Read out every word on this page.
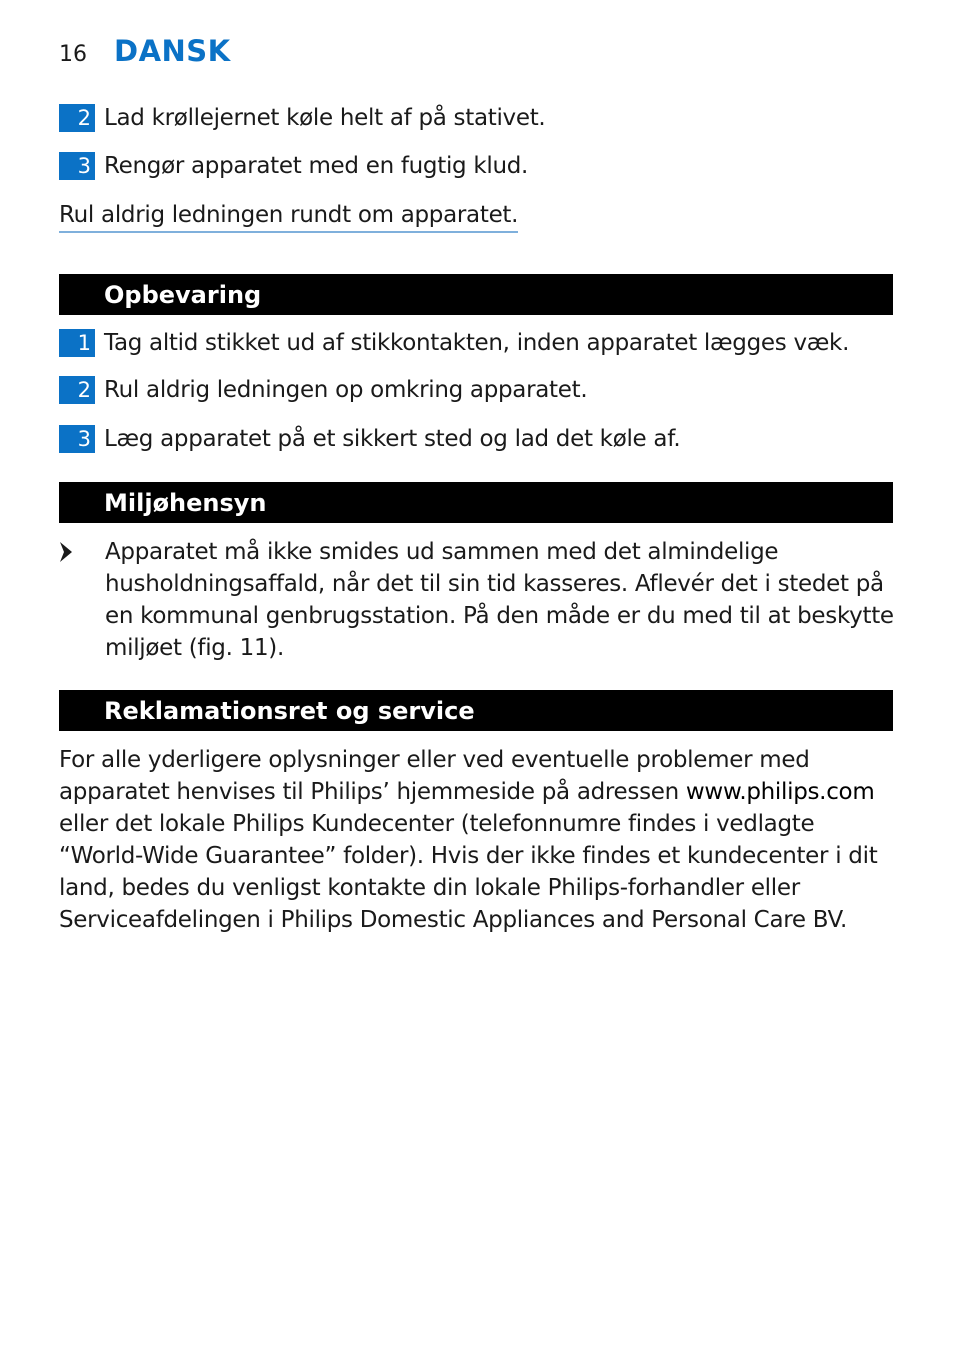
16 DANSK
2 Lad krøllejernet køle helt af på stativet.
3 Rengør apparatet med en fugtig klud.
Rul aldrig ledningen rundt om apparatet.
Opbevaring
1 Tag altid stikket ud af stikkontakten, inden apparatet lægges væk.
2 Rul aldrig ledningen op omkring apparatet.
3 Læg apparatet på et sikkert sted og lad det køle af.
Miljøhensyn
Apparatet må ikke smides ud sammen med det almindelige husholdningsaffald, når det til sin tid kasseres. Aflevér det i stedet på en kommunal genbrugsstation. På den måde er du med til at beskytte miljøet (fig. 11).
Reklamationsret og service
For alle yderligere oplysninger eller ved eventuelle problemer med apparatet henvises til Philips’ hjemmeside på adressen www.philips.com eller det lokale Philips Kundecenter (telefonnumre findes i vedlagte “World-Wide Guarantee” folder). Hvis der ikke findes et kundecenter i dit land, bedes du venligst kontakte din lokale Philips-forhandler eller Serviceafdelingen i Philips Domestic Appliances and Personal Care BV.
